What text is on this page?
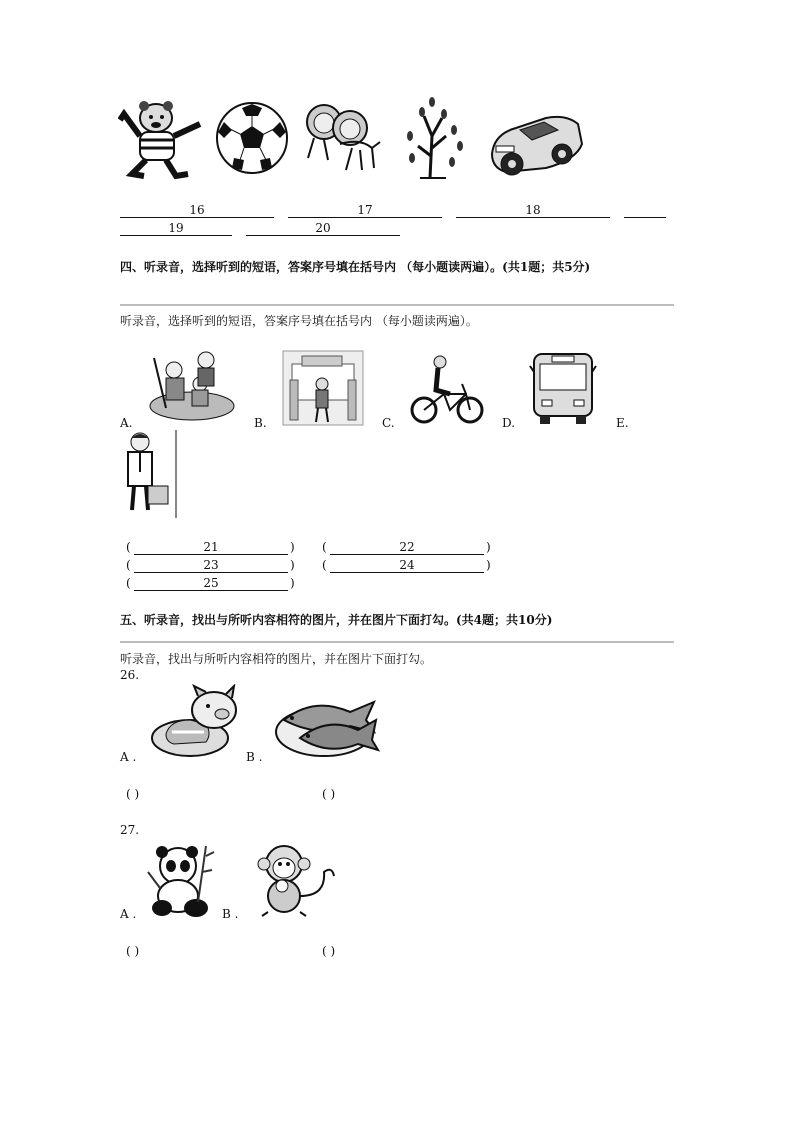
16	17	18
19	20
四、听录音，选择听到的短语，答案序号填在括号内 （每小题读两遍）。(共1题；共5分)
听录音，选择听到的短语，答案序号填在括号内 （每小题读两遍）。
A.	B.	C.	D.	E.
(	21	) (	22	)
(	23	) (	24	)
(	25	)
五、听录音，找出与所听内容相符的图片，并在图片下面打勾。(共4题；共10分)
听录音，找出与所听内容相符的图片，并在图片下面打勾。
26.
A .	B .
( )	( )
27.
A .	B .
( )	( )
